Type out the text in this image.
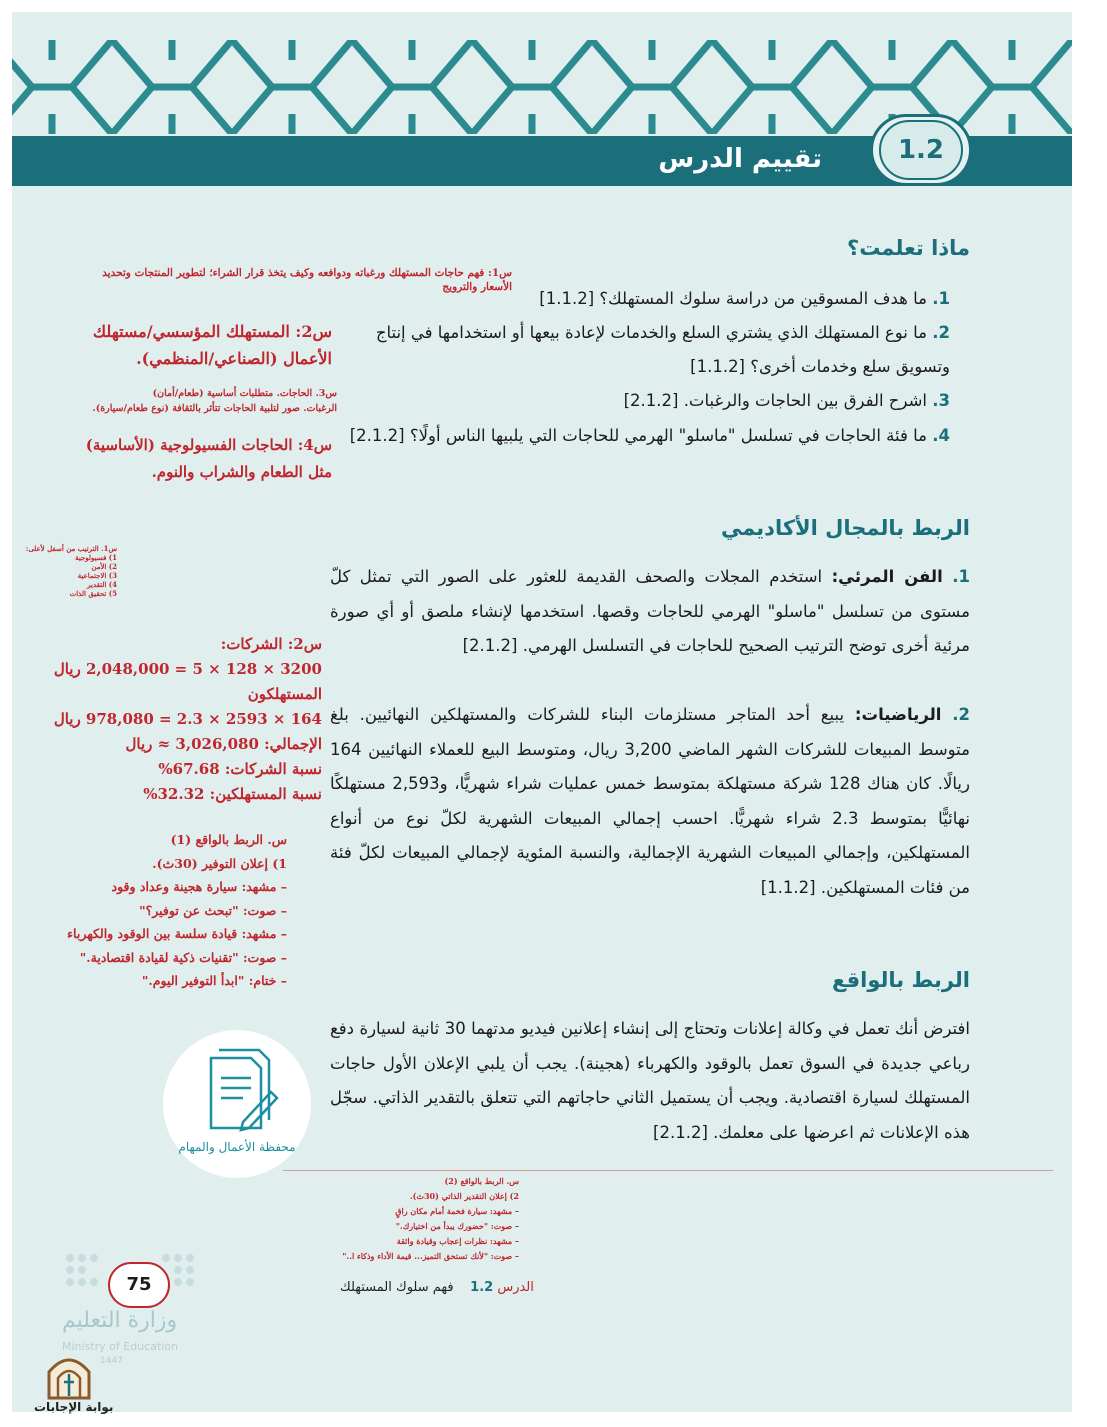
تقييم الدرس	1.2
ماذا تعلمت؟
1. ما هدف المسوقين من دراسة سلوك المستهلك؟ [1.1.2]
2. ما نوع المستهلك الذي يشتري السلع والخدمات لإعادة بيعها أو استخدامها في إنتاج وتسويق سلع وخدمات أخرى؟ [1.1.2]
3. اشرح الفرق بين الحاجات والرغبات. [2.1.2]
4. ما فئة الحاجات في تسلسل "ماسلو" الهرمي للحاجات التي يلبيها الناس أولًا؟ [2.1.2]
الربط بالمجال الأكاديمي
1. الفن المرئي: استخدم المجلات والصحف القديمة للعثور على الصور التي تمثل كلّ مستوى من تسلسل "ماسلو" الهرمي للحاجات وقصها. استخدمها لإنشاء ملصق أو أي صورة مرئية أخرى توضح الترتيب الصحيح للحاجات في التسلسل الهرمي. [2.1.2]
2. الرياضيات: يبيع أحد المتاجر مستلزمات البناء للشركات والمستهلكين النهائيين. بلغ متوسط المبيعات للشركات الشهر الماضي 3,200 ريال، ومتوسط البيع للعملاء النهائيين 164 ريالًا. كان هناك 128 شركة مستهلكة بمتوسط خمس عمليات شراء شهريًّا، و2,593 مستهلكًا نهائيًّا بمتوسط 2.3 شراء شهريًّا. احسب إجمالي المبيعات الشهرية لكلّ نوع من أنواع المستهلكين، وإجمالي المبيعات الشهرية الإجمالية، والنسبة المئوية لإجمالي المبيعات لكلّ فئة من فئات المستهلكين. [1.1.2]
الربط بالواقع
افترض أنك تعمل في وكالة إعلانات وتحتاج إلى إنشاء إعلانين فيديو مدتهما 30 ثانية لسيارة دفع رباعي جديدة في السوق تعمل بالوقود والكهرباء (هجينة). يجب أن يلبي الإعلان الأول حاجات المستهلك لسيارة اقتصادية. ويجب أن يستميل الثاني حاجاتهم التي تتعلق بالتقدير الذاتي. سجّل هذه الإعلانات ثم اعرضها على معلمك. [2.1.2]
س1: فهم حاجات المستهلك ورغباته ودوافعه وكيف يتخذ قرار الشراء؛ لتطوير المنتجات وتحديد
الأسعار والترويج
س2: المستهلك المؤسسي/مستهلك
الأعمال (الصناعي/المنظمي).
س3. الحاجات. متطلبات أساسية (طعام/أمان)
الرغبات. صور لتلبية الحاجات تتأثر بالثقافة (نوع طعام/سيارة).
س4: الحاجات الفسيولوجية (الأساسية)
مثل الطعام والشراب والنوم.
س1. الترتيب من أسفل لأعلى:
1) فسيولوجية
2) الأمن
3) الاجتماعية
4) التقدير
5) تحقيق الذات
س2: الشركات:
3200 × 128 × 5 = 2,048,000 ريال
المستهلكون
164 × 2593 × 2.3 = 978,080 ريال
الإجمالي: 3,026,080 ≈ ريال
نسبة الشركات: 67.68%
نسبة المستهلكين: 32.32%
س. الربط بالواقع (1)
1) إعلان التوفير (30ث).
– مشهد: سيارة هجينة وعداد وقود
– صوت: "تبحث عن توفير؟"
– مشهد: قيادة سلسة بين الوقود والكهرباء
– صوت: "تقنيات ذكية لقيادة اقتصادية."
– ختام: "ابدأ التوفير اليوم."
س. الربط بالواقع (2)
2) إعلان التقدير الذاتي (30ث).
– مشهد: سيارة فخمة أمام مكان راقٍ
– صوت: "حضورك يبدأ من اختيارك."
– مشهد: نظرات إعجاب وقيادة واثقة
– صوت: "لأنك تستحق التميز... قيمة الأداء وذكاء ا.."
محفظة الأعمال والمهام
الدرس 1.2    فهم سلوك المستهلك
75
وزارة التعليم
Ministry of Education
1447
بوابة الإجابات
